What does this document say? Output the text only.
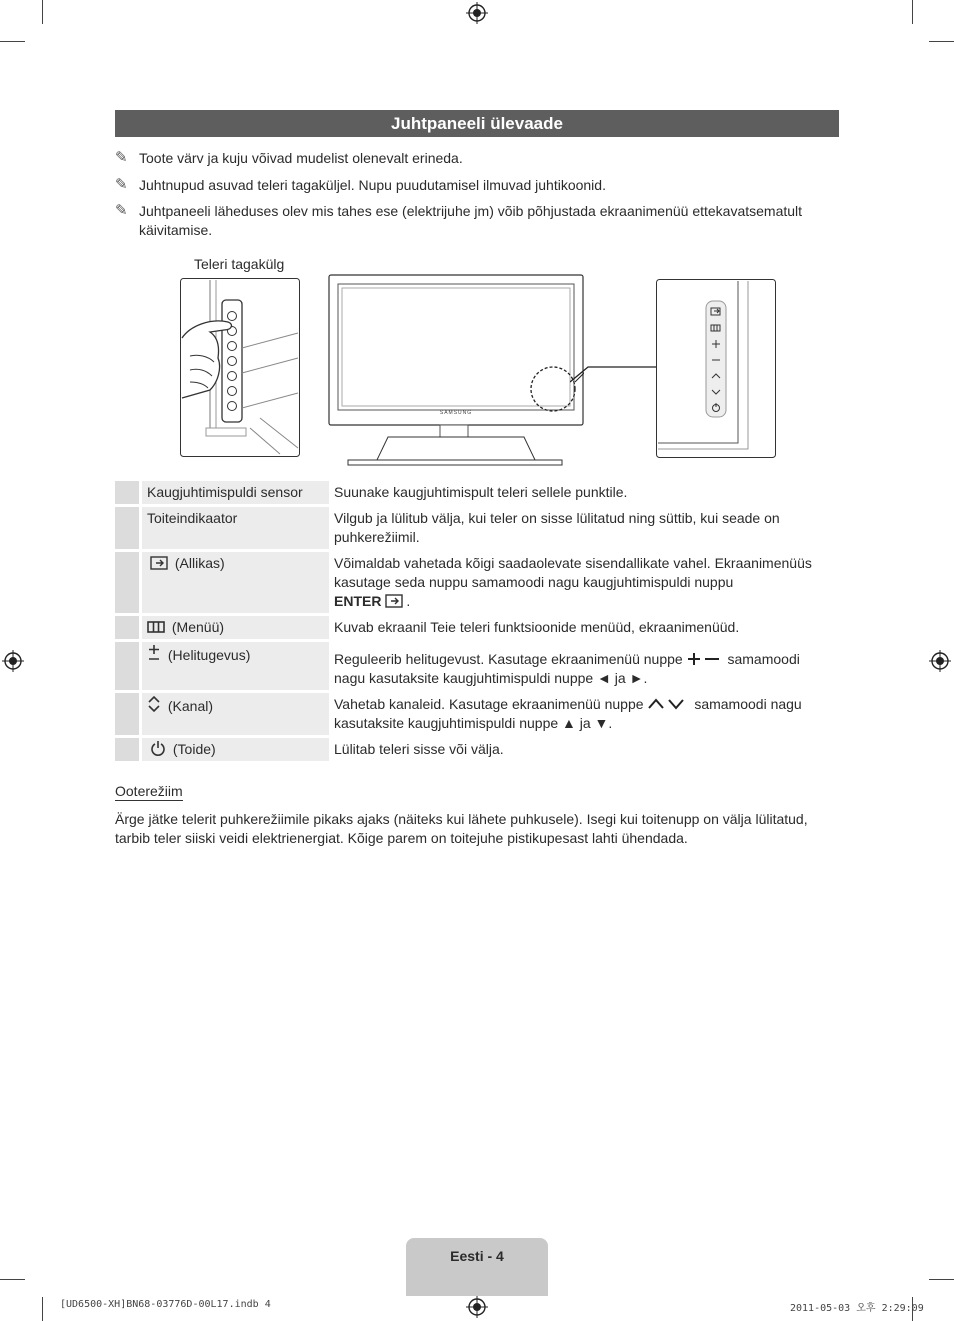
Juhtpaneeli ülevaade
✎ Toote värv ja kuju võivad mudelist olenevalt erineda.
✎ Juhtnupud asuvad teleri tagaküljel. Nupu puudutamisel ilmuvad juhtikoonid.
✎ Juhtpaneeli läheduses olev mis tahes ese (elektrijuhe jm) võib põhjustada ekraanimenüü ettekavatsematult käivitamise.
Teleri tagakülg
SAMSUNG
	Kaugjuhtimispuldi sensor	Suunake kaugjuhtimispult teleri sellele punktile.
	Toiteindikaator	Vilgub ja lülitub välja, kui teler on sisse lülitatud ning süttib, kui seade on puhkerežiimil.
	(Allikas)	Võimaldab vahetada kõigi saadaolevate sisendallikate vahel. Ekraanimenüüs kasutage seda nuppu samamoodi nagu kaugjuhtimispuldi nuppu
ENTER .
	(Menüü)	Kuvab ekraanil Teie teleri funktsioonide menüüd, ekraanimenüüd.
	(Helitugevus)	Reguleerib helitugevust. Kasutage ekraanimenüü nuppe samamoodi nagu kasutaksite kaugjuhtimispuldi nuppe ◄ ja ►.
	(Kanal)	Vahetab kanaleid. Kasutage ekraanimenüü nuppe samamoodi nagu kasutaksite kaugjuhtimispuldi nuppe ▲ ja ▼.
	(Toide)	Lülitab teleri sisse või välja.
Ooterežiim
Ärge jätke telerit puhkerežiimile pikaks ajaks (näiteks kui lähete puhkusele). Isegi kui toitenupp on välja lülitatud, tarbib teler siiski veidi elektrienergiat. Kõige parem on toitejuhe pistikupesast lahti ühendada.
Eesti - 4
[UD6500-XH]BN68-03776D-00L17.indb 4	2011-05-03 오후 2:29:09
